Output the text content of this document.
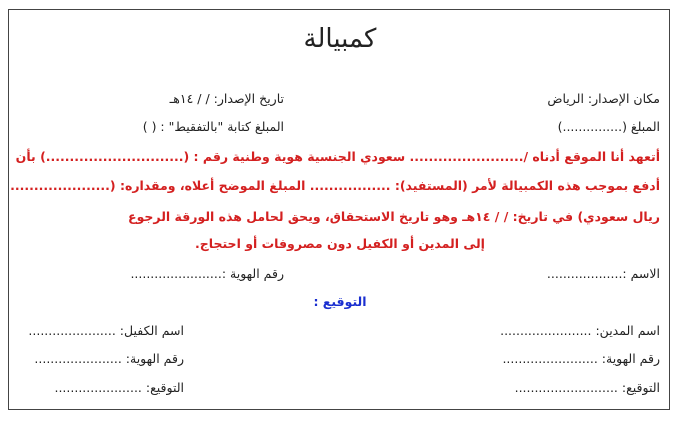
كمبيالة
مكان الإصدار: الرياض
تاريخ الإصدار: / / ١٤هـ
المبلغ (...............)
المبلغ كتابة "بالتفقيط" : ( )
أتعهد أنا الموقع أدناه /........................ سعودي الجنسية هوية وطنية رقم : (.............................) بأن
أدفع بموجب هذه الكمبيالة لأمر (المستفيد): ................. المبلغ الموضح أعلاه، ومقداره: (.....................
ريال سعودي) في تاريخ: / / ١٤هـ وهو تاريخ الاستحقاق، ويحق لحامل هذه الورقة الرجوع
إلى المدين أو الكفيل دون مصروفات أو احتجاج.
الاسم :...................
رقم الهوية :.......................
التوقيع :
اسم المدين: .......................
اسم الكفيل: ......................
رقم الهوية: ........................
رقم الهوية: ......................
التوقيع: ..........................
التوقيع: ......................
